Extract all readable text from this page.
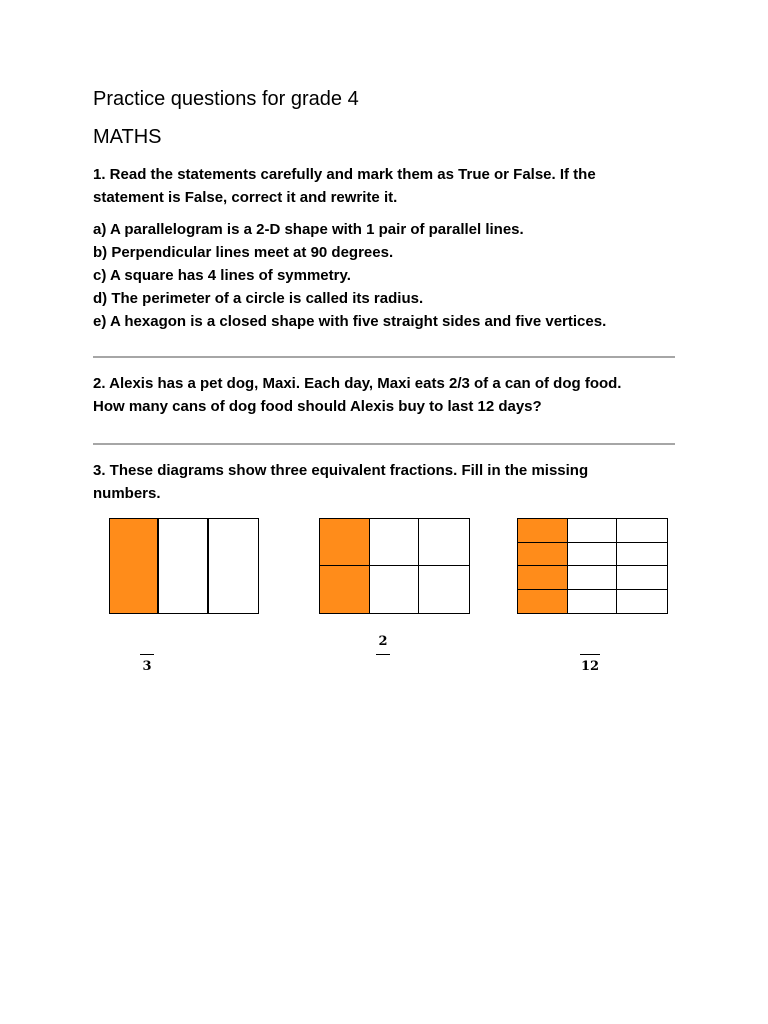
Practice questions for grade 4
MATHS
1. Read the statements carefully and mark them as True or False. If the
statement is False, correct it and rewrite it.
a) A parallelogram is a 2-D shape with 1 pair of parallel lines.
b) Perpendicular lines meet at 90 degrees.
c) A square has 4 lines of symmetry.
d) The perimeter of a circle is called its radius.
e) A hexagon is a closed shape with five straight sides and five vertices.
2. Alexis has a pet dog, Maxi. Each day, Maxi eats 2/3 of a can of dog food.
How many cans of dog food should Alexis buy to last 12 days?
3. These diagrams show three equivalent fractions. Fill in the missing
numbers.
3
2
12
